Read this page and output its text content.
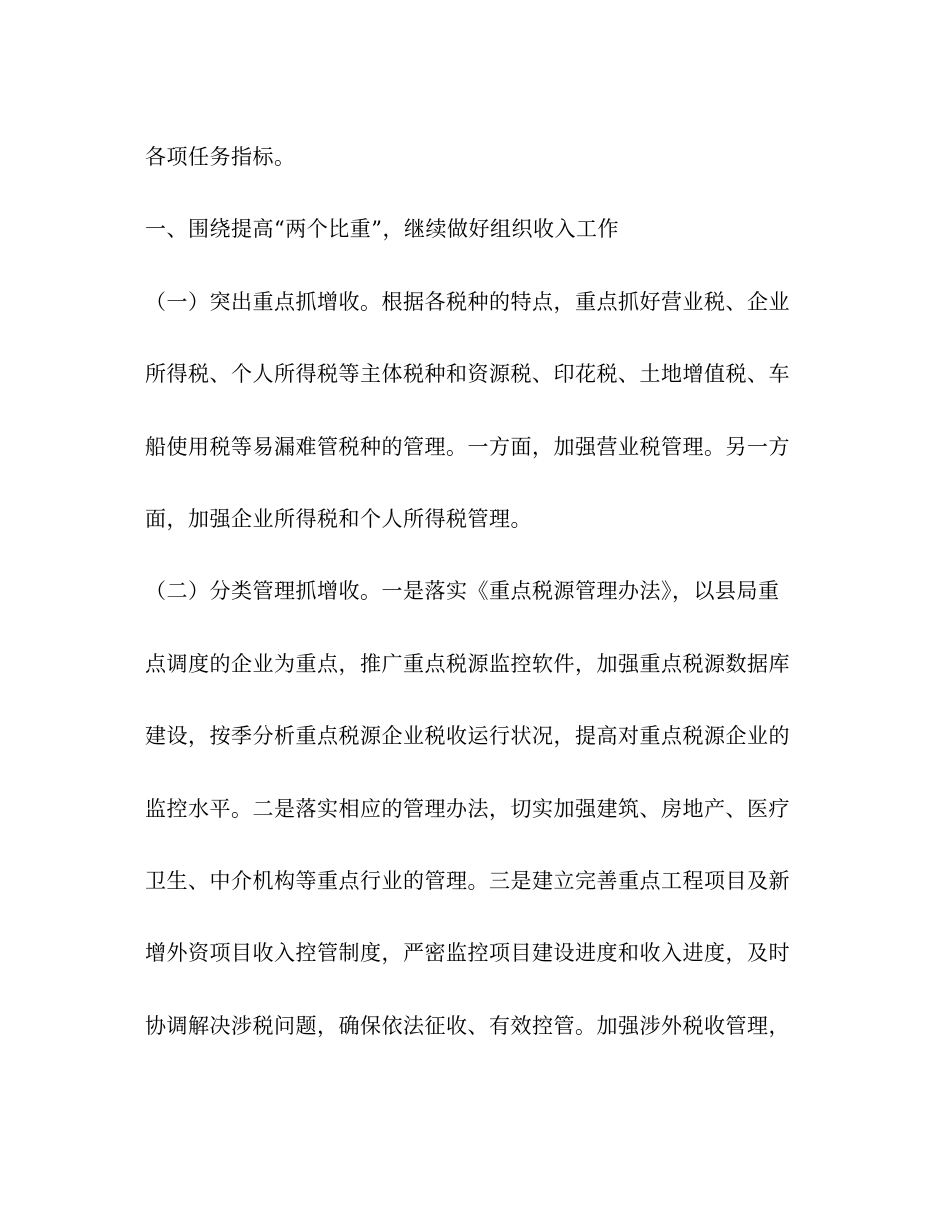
各项任务指标。
一、围绕提高“两个比重”，继续做好组织收入工作
（一）突出重点抓增收。根据各税种的特点，重点抓好营业税、企业
所得税、个人所得税等主体税种和资源税、印花税、土地增值税、车
船使用税等易漏难管税种的管理。一方面，加强营业税管理。另一方
面，加强企业所得税和个人所得税管理。
（二）分类管理抓增收。一是落实《重点税源管理办法》，以县局重
点调度的企业为重点，推广重点税源监控软件，加强重点税源数据库
建设，按季分析重点税源企业税收运行状况，提高对重点税源企业的
监控水平。二是落实相应的管理办法，切实加强建筑、房地产、医疗
卫生、中介机构等重点行业的管理。三是建立完善重点工程项目及新
增外资项目收入控管制度，严密监控项目建设进度和收入进度，及时
协调解决涉税问题，确保依法征收、有效控管。加强涉外税收管理，
